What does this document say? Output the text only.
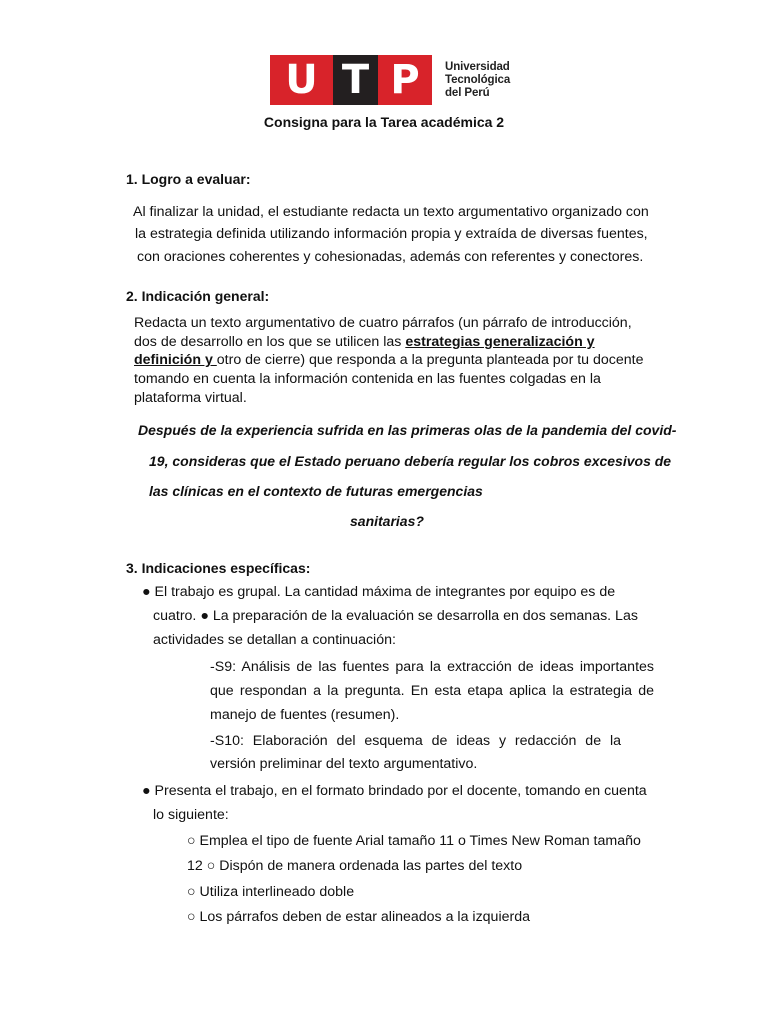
U T P	Universidad
Tecnológica
del Perú
Consigna para la Tarea académica 2
1. Logro a evaluar:
Al finalizar la unidad, el estudiante redacta un texto argumentativo organizado con
la estrategia definida utilizando información propia y extraída de diversas fuentes,
con oraciones coherentes y cohesionadas, además con referentes y conectores.
2. Indicación general:
Redacta un texto argumentativo de cuatro párrafos (un párrafo de introducción,
dos de desarrollo en los que se utilicen las estrategias generalización y
definición y otro de cierre) que responda a la pregunta planteada por tu docente
tomando en cuenta la información contenida en las fuentes colgadas en la
plataforma virtual.
Después de la experiencia sufrida en las primeras olas de la pandemia del covid-
19, consideras que el Estado peruano debería regular los cobros excesivos de
las clínicas en el contexto de futuras emergencias
sanitarias?
3. Indicaciones específicas:
● El trabajo es grupal. La cantidad máxima de integrantes por equipo es de
cuatro. ● La preparación de la evaluación se desarrolla en dos semanas. Las
actividades se detallan a continuación:
-S9: Análisis de las fuentes para la extracción de ideas importantes
que respondan a la pregunta. En esta etapa aplica la estrategia de
manejo de fuentes (resumen).
-S10: Elaboración del esquema de ideas y redacción de la
versión preliminar del texto argumentativo.
● Presenta el trabajo, en el formato brindado por el docente, tomando en cuenta
lo siguiente:
○ Emplea el tipo de fuente Arial tamaño 11 o Times New Roman tamaño
12 ○ Dispón de manera ordenada las partes del texto
○ Utiliza interlineado doble
○ Los párrafos deben de estar alineados a la izquierda
